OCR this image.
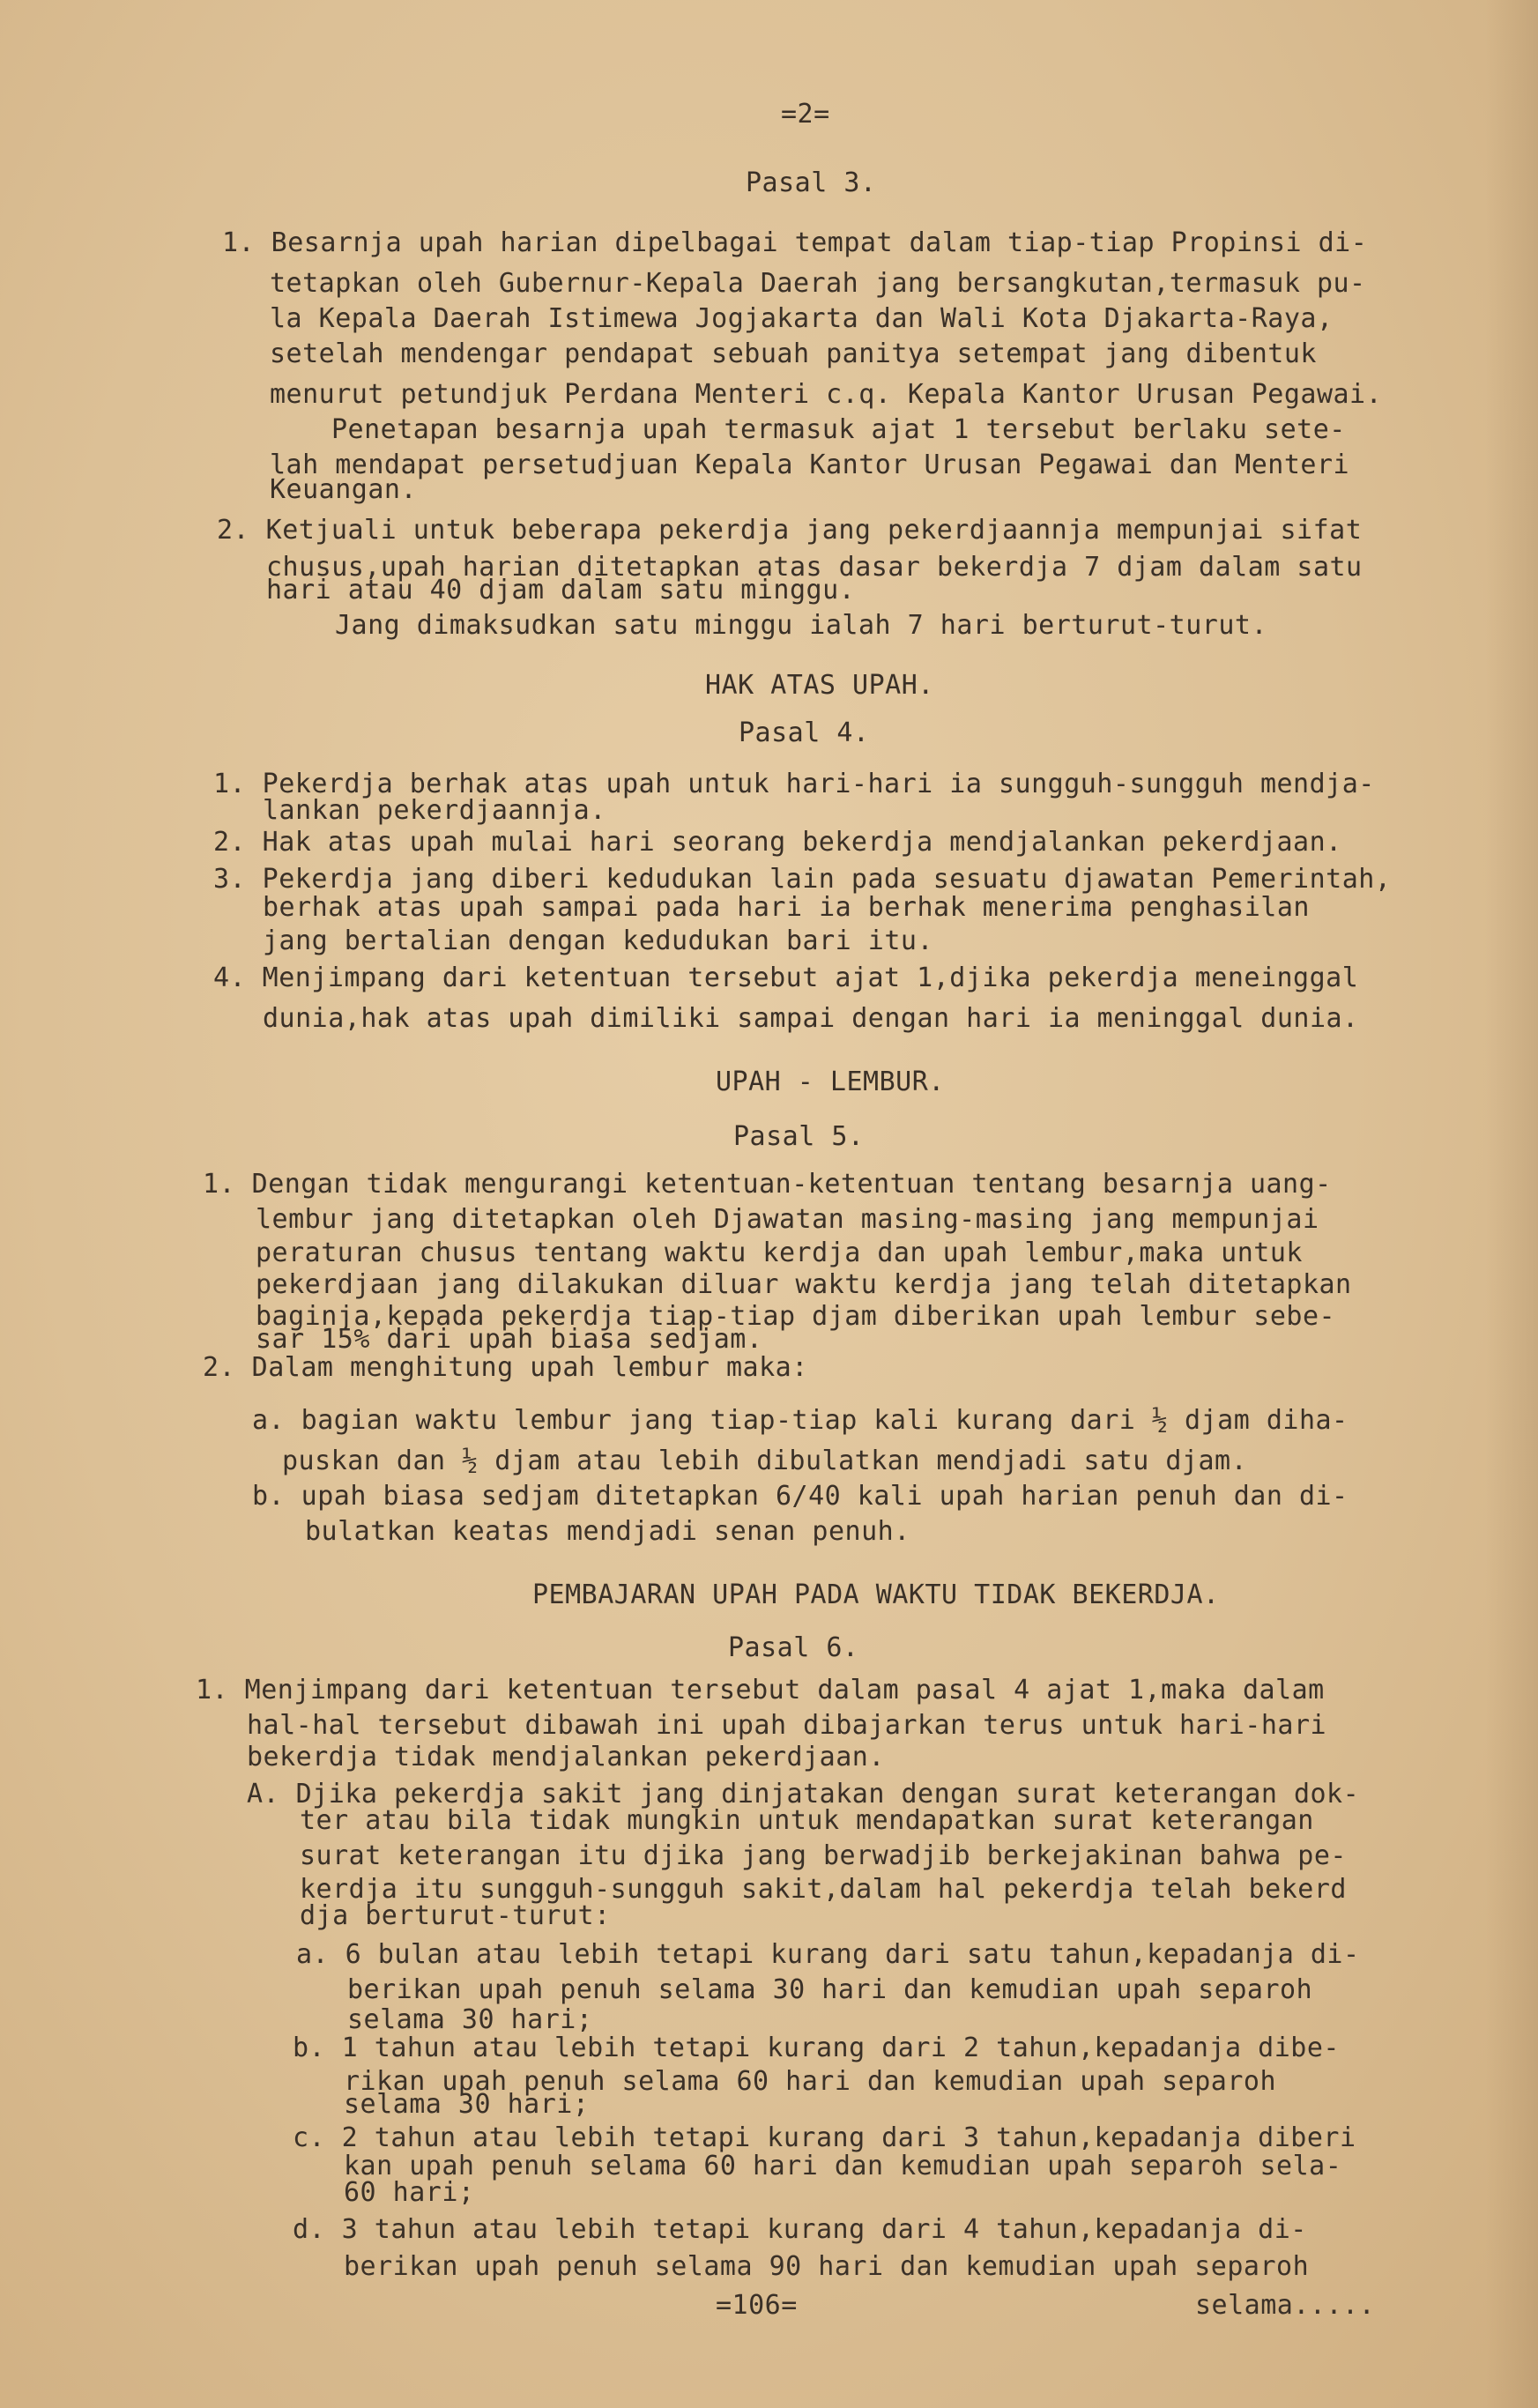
=2=
Pasal 3.
1. Besarnja upah harian dipelbagai tempat dalam tiap-tiap Propinsi di-
tetapkan oleh Gubernur-Kepala Daerah jang bersangkutan,termasuk pu-
la Kepala Daerah Istimewa Jogjakarta dan Wali Kota Djakarta-Raya,
setelah mendengar pendapat sebuah panitya setempat jang dibentuk
menurut petundjuk Perdana Menteri c.q. Kepala Kantor Urusan Pegawai.
Penetapan besarnja upah termasuk ajat 1 tersebut berlaku sete-
lah mendapat persetudjuan Kepala Kantor Urusan Pegawai dan Menteri
Keuangan.
2. Ketjuali untuk beberapa pekerdja jang pekerdjaannja mempunjai sifat
chusus,upah harian ditetapkan atas dasar bekerdja 7 djam dalam satu
hari atau 40 djam dalam satu minggu.
Jang dimaksudkan satu minggu ialah 7 hari berturut-turut.
HAK ATAS UPAH.
Pasal 4.
1. Pekerdja berhak atas upah untuk hari-hari ia sungguh-sungguh mendja-
lankan pekerdjaannja.
2. Hak atas upah mulai hari seorang bekerdja mendjalankan pekerdjaan.
3. Pekerdja jang diberi kedudukan lain pada sesuatu djawatan Pemerintah,
berhak atas upah sampai pada hari ia berhak menerima penghasilan
jang bertalian dengan kedudukan bari itu.
4. Menjimpang dari ketentuan tersebut ajat 1,djika pekerdja meneinggal
dunia,hak atas upah dimiliki sampai dengan hari ia meninggal dunia.
UPAH - LEMBUR.
Pasal 5.
1. Dengan tidak mengurangi ketentuan-ketentuan tentang besarnja uang-
lembur jang ditetapkan oleh Djawatan masing-masing jang mempunjai
peraturan chusus tentang waktu kerdja dan upah lembur,maka untuk
pekerdjaan jang dilakukan diluar waktu kerdja jang telah ditetapkan
baginja,kepada pekerdja tiap-tiap djam diberikan upah lembur sebe-
sar 15% dari upah biasa sedjam.
2. Dalam menghitung upah lembur maka:
a. bagian waktu lembur jang tiap-tiap kali kurang dari ½ djam diha-
puskan dan ½ djam atau lebih dibulatkan mendjadi satu djam.
b. upah biasa sedjam ditetapkan 6/40 kali upah harian penuh dan di-
bulatkan keatas mendjadi senan penuh.
PEMBAJARAN UPAH PADA WAKTU TIDAK BEKERDJA.
Pasal 6.
1. Menjimpang dari ketentuan tersebut dalam pasal 4 ajat 1,maka dalam
hal-hal tersebut dibawah ini upah dibajarkan terus untuk hari-hari
bekerdja tidak mendjalankan pekerdjaan.
A. Djika pekerdja sakit jang dinjatakan dengan surat keterangan dok-
ter atau bila tidak mungkin untuk mendapatkan surat keterangan
surat keterangan itu djika jang berwadjib berkejakinan bahwa pe-
kerdja itu sungguh-sungguh sakit,dalam hal pekerdja telah bekerd
dja berturut-turut:
a. 6 bulan atau lebih tetapi kurang dari satu tahun,kepadanja di-
berikan upah penuh selama 30 hari dan kemudian upah separoh
selama 30 hari;
b. 1 tahun atau lebih tetapi kurang dari 2 tahun,kepadanja dibe-
rikan upah penuh selama 60 hari dan kemudian upah separoh
selama 30 hari;
c. 2 tahun atau lebih tetapi kurang dari 3 tahun,kepadanja diberi
kan upah penuh selama 60 hari dan kemudian upah separoh sela-
60 hari;
d. 3 tahun atau lebih tetapi kurang dari 4 tahun,kepadanja di-
berikan upah penuh selama 90 hari dan kemudian upah separoh
=106=	selama.....
